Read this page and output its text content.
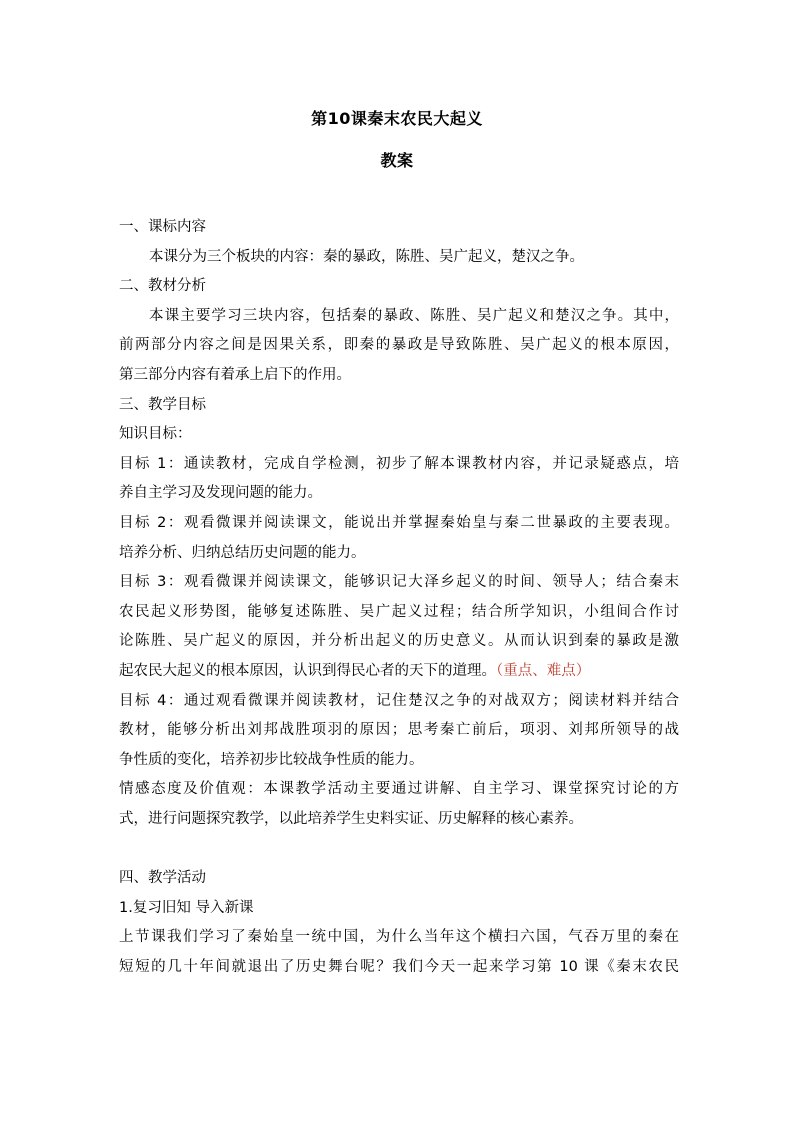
第10课秦末农民大起义
教案
一、课标内容
本课分为三个板块的内容：秦的暴政，陈胜、吴广起义，楚汉之争。
二、教材分析
本课主要学习三块内容，包括秦的暴政、陈胜、吴广起义和楚汉之争。其中，
前两部分内容之间是因果关系，即秦的暴政是导致陈胜、吴广起义的根本原因，
第三部分内容有着承上启下的作用。
三、教学目标
知识目标：
目标 1：通读教材，完成自学检测，初步了解本课教材内容，并记录疑惑点，培
养自主学习及发现问题的能力。
目标 2：观看微课并阅读课文，能说出并掌握秦始皇与秦二世暴政的主要表现。
培养分析、归纳总结历史问题的能力。
目标 3：观看微课并阅读课文，能够识记大泽乡起义的时间、领导人；结合秦末
农民起义形势图，能够复述陈胜、吴广起义过程；结合所学知识，小组间合作讨
论陈胜、吴广起义的原因，并分析出起义的历史意义。从而认识到秦的暴政是激
起农民大起义的根本原因，认识到得民心者的天下的道理。（重点、难点）
目标 4：通过观看微课并阅读教材，记住楚汉之争的对战双方；阅读材料并结合
教材，能够分析出刘邦战胜项羽的原因；思考秦亡前后，项羽、刘邦所领导的战
争性质的变化，培养初步比较战争性质的能力。
情感态度及价值观：本课教学活动主要通过讲解、自主学习、课堂探究讨论的方
式，进行问题探究教学，以此培养学生史料实证、历史解释的核心素养。
四、教学活动
1.复习旧知 导入新课
上节课我们学习了秦始皇一统中国，为什么当年这个横扫六国，气吞万里的秦在
短短的几十年间就退出了历史舞台呢？我们今天一起来学习第 10 课《秦末农民
